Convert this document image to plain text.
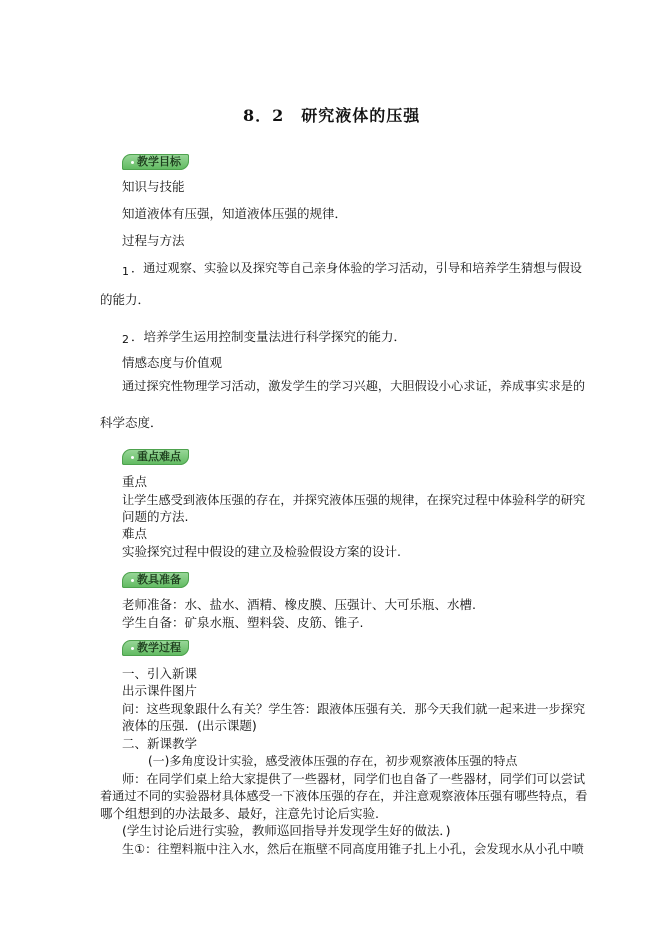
8．2　研究液体的压强
教学目标
知识与技能
知道液体有压强，知道液体压强的规律．
过程与方法
1 ．通过观察、实验以及探究等自己亲身体验的学习活动，引导和培养学生猜想与假设
的能力．
2 ．培养学生运用控制变量法进行科学探究的能力．
情感态度与价值观
通过探究性物理学习活动，激发学生的学习兴趣，大胆假设小心求证，养成事实求是的
科学态度．
重点难点
重点
让学生感受到液体压强的存在，并探究液体压强的规律，在探究过程中体验科学的研究
问题的方法.
难点
实验探究过程中假设的建立及检验假设方案的设计.
教具准备
老师准备：水、盐水、酒精、橡皮膜、压强计、大可乐瓶、水槽.
学生自备：矿泉水瓶、塑料袋、皮筋、锥子.
教学过程
一、引入新课
出示课件图片
问：这些现象跟什么有关？学生答：跟液体压强有关．那今天我们就一起来进一步探究
液体的压强．(出示课题)
二、新课教学
(一)多角度设计实验，感受液体压强的存在，初步观察液体压强的特点
师：在同学们桌上给大家提供了一些器材，同学们也自备了一些器材，同学们可以尝试
着通过不同的实验器材具体感受一下液体压强的存在，并注意观察液体压强有哪些特点，看
哪个组想到的办法最多、最好，注意先讨论后实验.
(学生讨论后进行实验，教师巡回指导并发现学生好的做法．)
生①：往塑料瓶中注入水，然后在瓶壁不同高度用锥子扎上小孔，会发现水从小孔中喷
